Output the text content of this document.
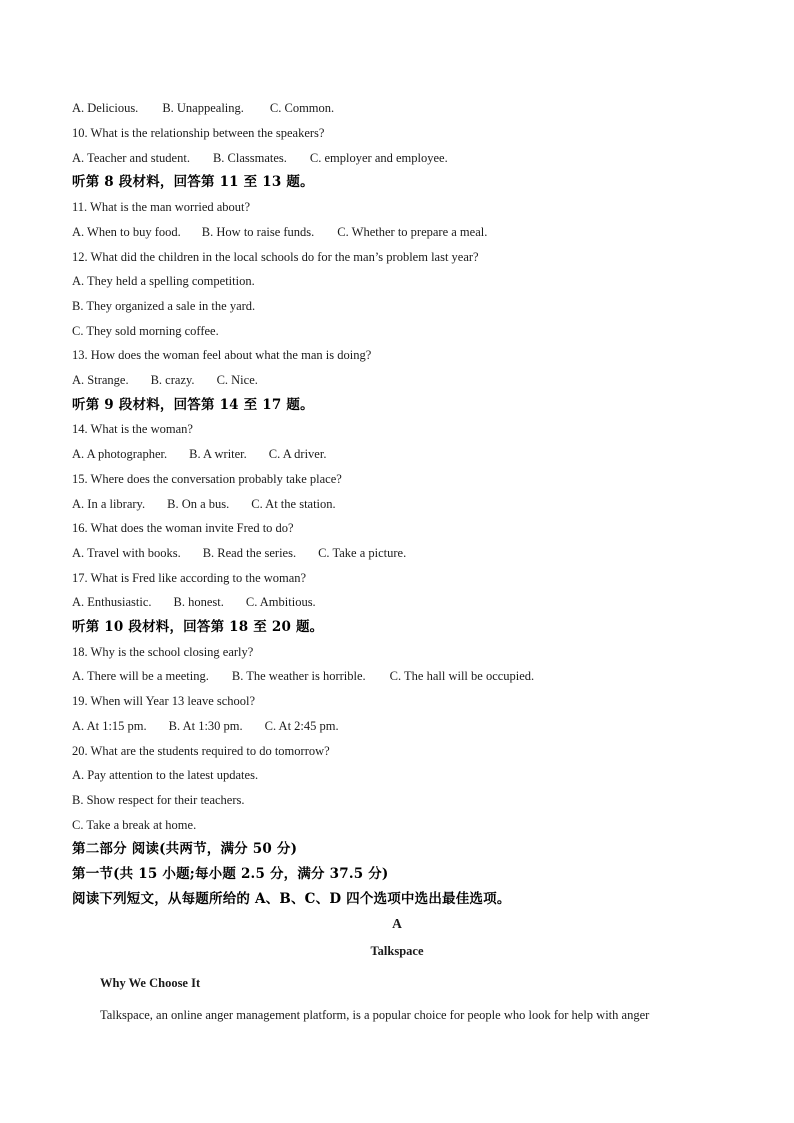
A. Delicious. B. Unappealing. C. Common.
10. What is the relationship between the speakers?
A. Teacher and student. B. Classmates. C. employer and employee.
听第 8 段材料，回答第 11 至 13 题。
11. What is the man worried about?
A. When to buy food. B. How to raise funds. C. Whether to prepare a meal.
12. What did the children in the local schools do for the man’s problem last year?
A. They held a spelling competition.
B. They organized a sale in the yard.
C. They sold morning coffee.
13. How does the woman feel about what the man is doing?
A. Strange. B. crazy. C. Nice.
听第 9 段材料，回答第 14 至 17 题。
14. What is the woman?
A. A photographer. B. A writer. C. A driver.
15. Where does the conversation probably take place?
A. In a library. B. On a bus. C. At the station.
16. What does the woman invite Fred to do?
A. Travel with books. B. Read the series. C. Take a picture.
17. What is Fred like according to the woman?
A. Enthusiastic. B. honest. C. Ambitious.
听第 10 段材料，回答第 18 至 20 题。
18. Why is the school closing early?
A. There will be a meeting. B. The weather is horrible. C. The hall will be occupied.
19. When will Year 13 leave school?
A. At 1:15 pm. B. At 1:30 pm. C. At 2:45 pm.
20. What are the students required to do tomorrow?
A. Pay attention to the latest updates.
B. Show respect for their teachers.
C. Take a break at home.
第二部分 阅读(共两节，满分 50 分)
第一节(共 15 小题;每小题 2.5 分，满分 37.5 分)
阅读下列短文，从每题所给的 A、B、C、D 四个选项中选出最佳选项。
A
Talkspace
Why We Choose It
Talkspace, an online anger management platform, is a popular choice for people who look for help with anger
